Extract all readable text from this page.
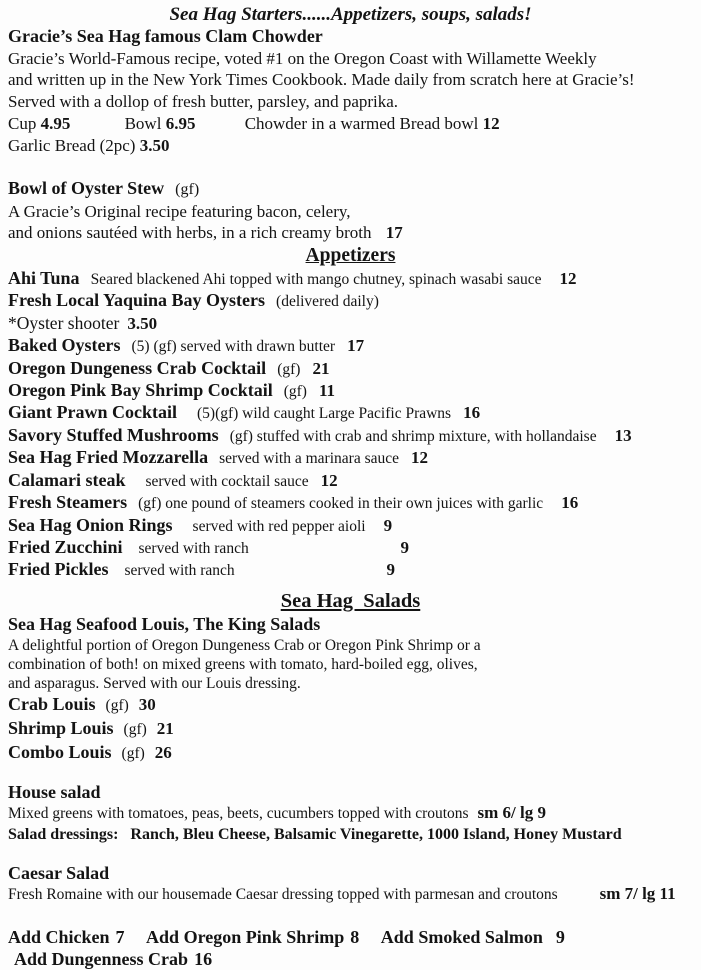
Sea Hag Starters......Appetizers, soups, salads!
Gracie’s Sea Hag famous Clam Chowder
Gracie’s World-Famous recipe, voted #1 on the Oregon Coast with Willamette Weekly
and written up in the New York Times Cookbook. Made daily from scratch here at Gracie’s!
Served with a dollop of fresh butter, parsley, and paprika.
Cup 4.95	Bowl 6.95	Chowder in a warmed Bread bowl 12
Garlic Bread (2pc) 3.50
Bowl of Oyster Stew (gf)
A Gracie’s Original recipe featuring bacon, celery,
and onions sautéed with herbs, in a rich creamy broth 17
Appetizers
Ahi Tuna Seared blackened Ahi topped with mango chutney, spinach wasabi sauce 12
Fresh Local Yaquina Bay Oysters (delivered daily)
*Oyster shooter 3.50
Baked Oysters (5) (gf) served with drawn butter 17
Oregon Dungeness Crab Cocktail (gf) 21
Oregon Pink Bay Shrimp Cocktail (gf) 11
Giant Prawn Cocktail (5)(gf) wild caught Large Pacific Prawns 16
Savory Stuffed Mushrooms (gf) stuffed with crab and shrimp mixture, with hollandaise 13
Sea Hag Fried Mozzarella served with a marinara sauce 12
Calamari steak served with cocktail sauce 12
Fresh Steamers (gf) one pound of steamers cooked in their own juices with garlic 16
Sea Hag Onion Rings served with red pepper aioli 9
Fried Zucchini served with ranch	9
Fried Pickles served with ranch	9
Sea Hag  Salads
Sea Hag Seafood Louis, The King Salads
A delightful portion of Oregon Dungeness Crab or Oregon Pink Shrimp or a
combination of both! on mixed greens with tomato, hard-boiled egg, olives,
and asparagus. Served with our Louis dressing.
Crab Louis (gf) 30
Shrimp Louis (gf) 21
Combo Louis (gf) 26
House salad
Mixed greens with tomatoes, peas, beets, cucumbers topped with croutons sm 6/ lg 9
Salad dressings: Ranch, Bleu Cheese, Balsamic Vinegarette, 1000 Island, Honey Mustard
Caesar Salad
Fresh Romaine with our housemade Caesar dressing topped with parmesan and croutons sm 7/ lg 11
Add Chicken 7 Add Oregon Pink Shrimp 8 Add Smoked Salmon 9
Add Dungenness Crab 16
